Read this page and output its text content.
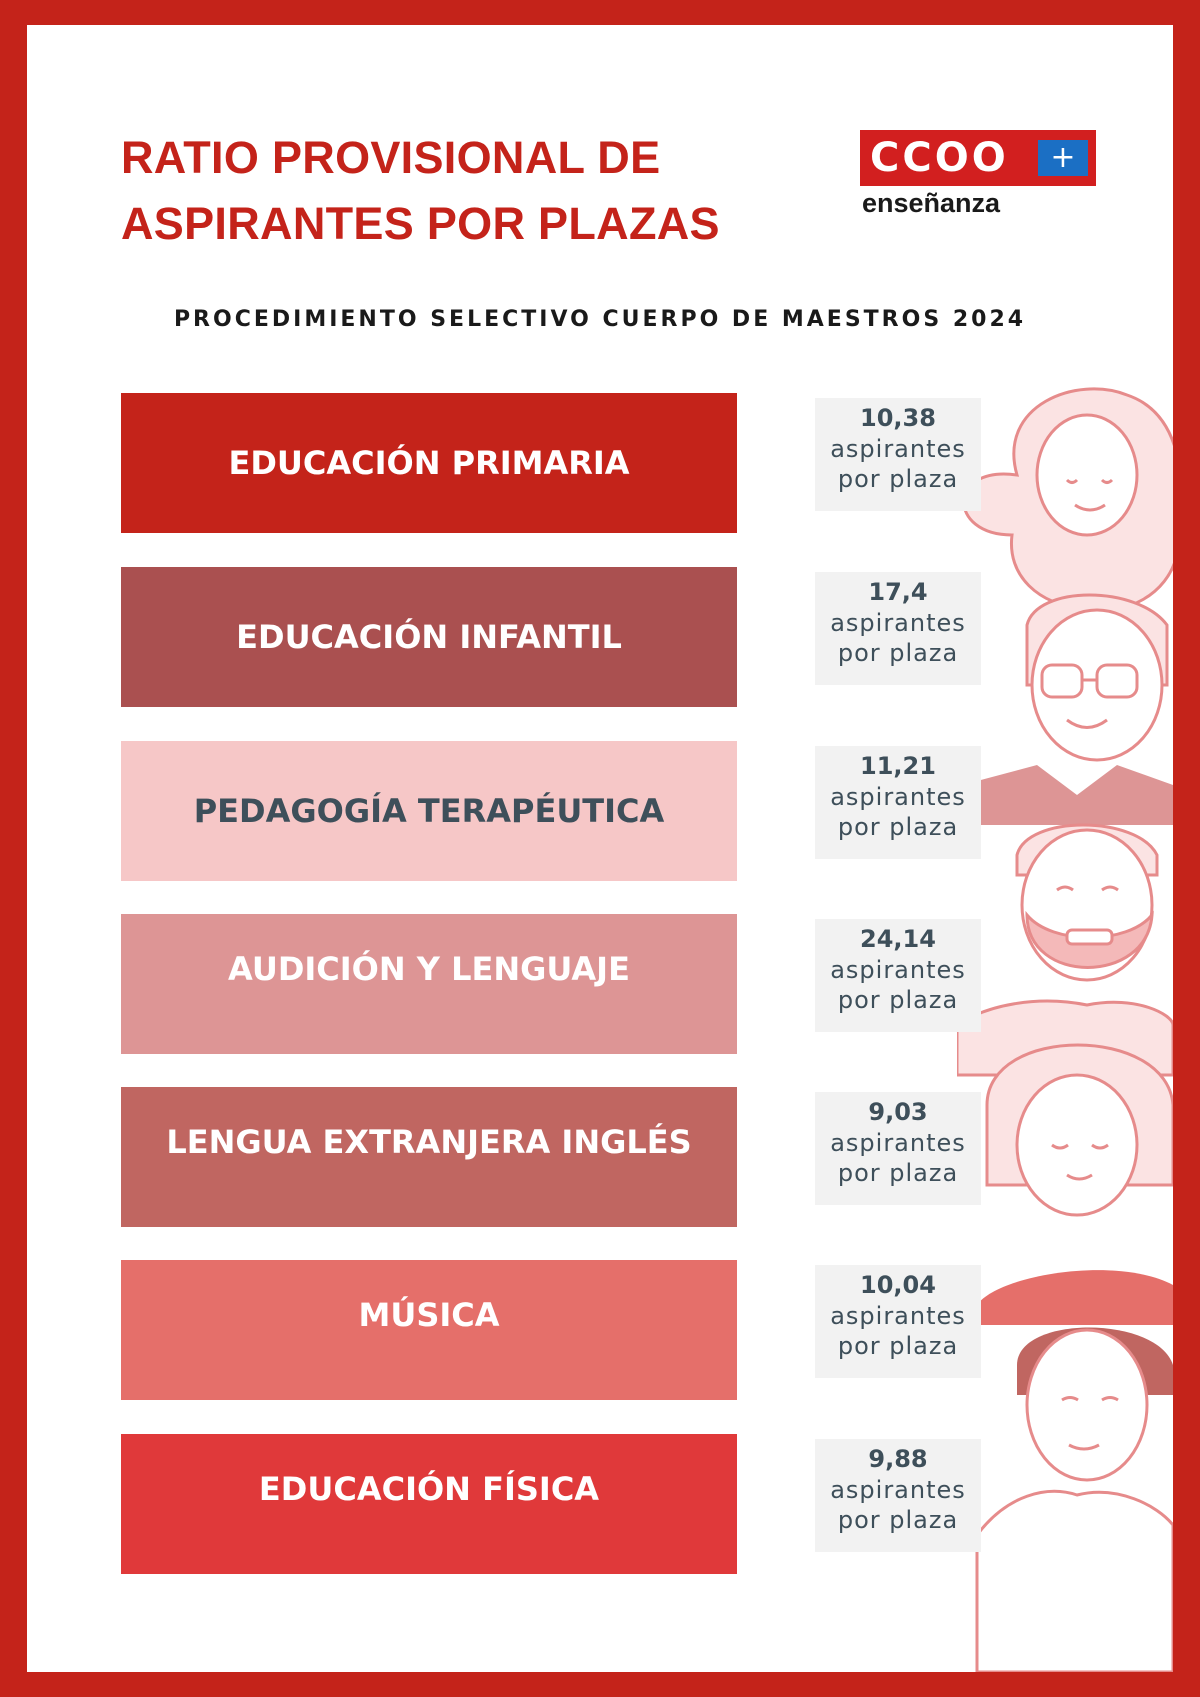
RATIO PROVISIONAL DE
ASPIRANTES POR PLAZAS
CCOO	+
enseñanza

PROCEDIMIENTO SELECTIVO CUERPO DE MAESTROS 2024

EDUCACIÓN PRIMARIA
10,38
aspirantes
por plaza
EDUCACIÓN INFANTIL
17,4
aspirantes
por plaza
PEDAGOGÍA TERAPÉUTICA
11,21
aspirantes
por plaza
AUDICIÓN Y LENGUAJE
24,14
aspirantes
por plaza
LENGUA EXTRANJERA INGLÉS
9,03
aspirantes
por plaza
MÚSICA
10,04
aspirantes
por plaza
EDUCACIÓN FÍSICA
9,88
aspirantes
por plaza
